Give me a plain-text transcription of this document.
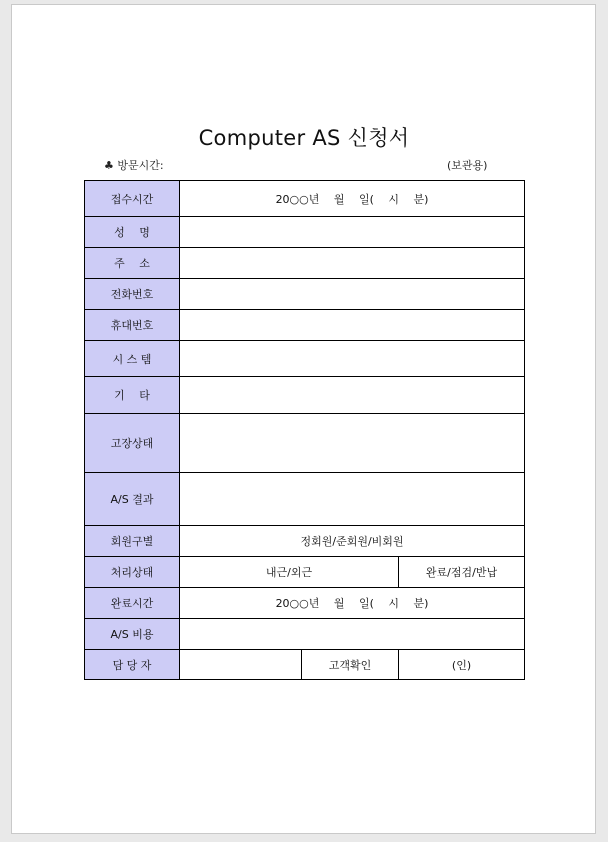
Computer AS 신청서
♣ 방문시간:	(보관용)
접수시간	20○○년 　월 　일( 　시 　분)		
성 　명			
주 　소			
전화번호			
휴대번호			
시 스 템			
기 　타			
고장상태			
A/S 결과			
회원구별	정회원/준회원/비회원		
처리상태	내근/외근		완료/점검/반납
완료시간	20○○년 　월 　일( 　시 　분)		
A/S 비용			
담 당 자		고객확인	(인)
